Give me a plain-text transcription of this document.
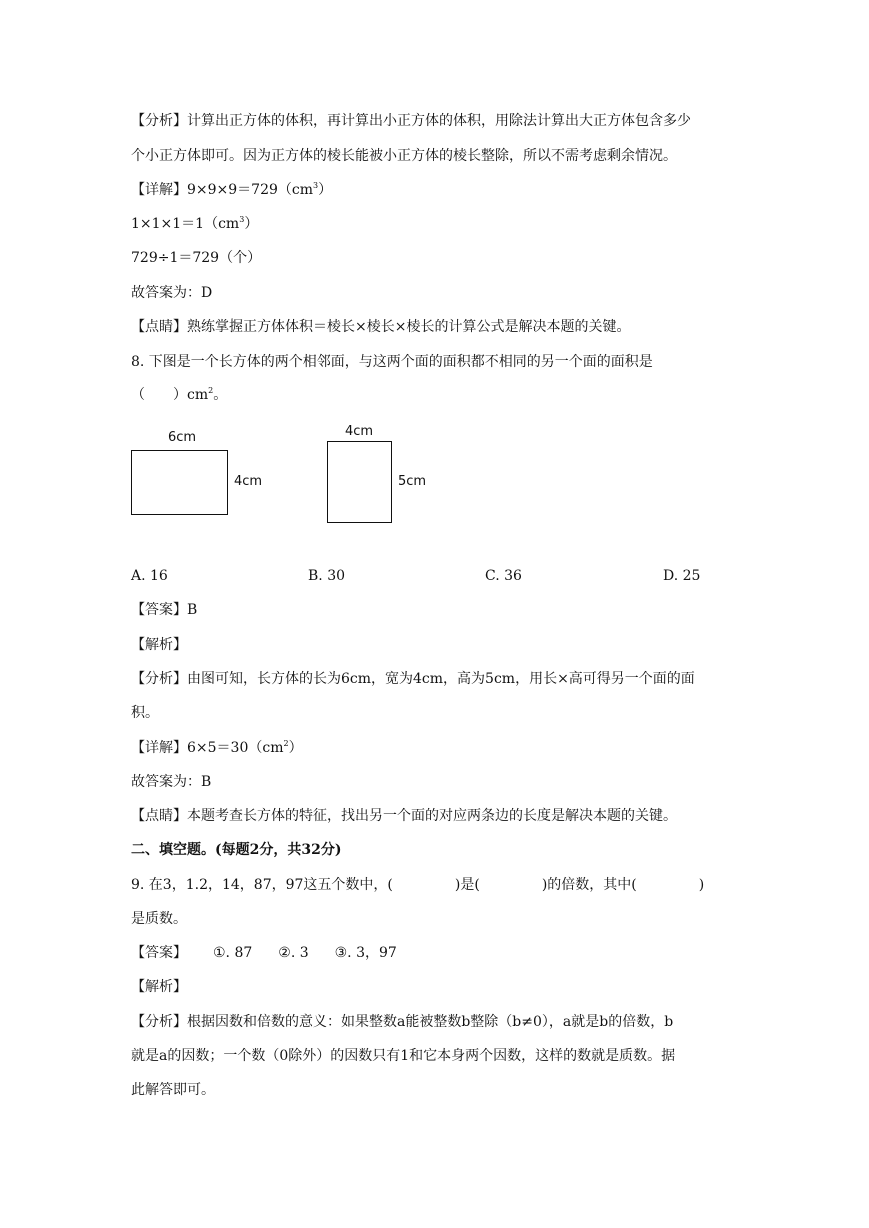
【分析】计算出正方体的体积，再计算出小正方体的体积，用除法计算出大正方体包含多少
个小正方体即可。因为正方体的棱长能被小正方体的棱长整除，所以不需考虑剩余情况。
【详解】$9\times 9\times 9=729(cm^3)$
$1\times 1\times 1=1(cm^3)$
729÷1＝729（个）
故答案为：D
【点睛】熟练掌握正方体体积＝棱长×棱长×棱长的计算公式是解决本题的关键。
8. 下图是一个长方体的两个相邻面，与这两个面的面积都不相同的另一个面的面积是
（　　）$cm^2$。
6cm
4cm
4cm
5cm
A. 16	B. 30	C. 36	D. 25
【答案】B
【解析】
【分析】由图可知，长方体的长为6cm，宽为4cm，高为5cm，用长×高可得另一个面的面
积。
【详解】$6\times 5=30(cm^2)$
故答案为：B
【点睛】本题考查长方体的特征，找出另一个面的对应两条边的长度是解决本题的关键。
二、填空题。(每题2分，共32分)
9. 在3，1.2，14，87，97这五个数中，(	)是(	)的倍数，其中(	)
是质数。
【答案】 ①. 87 ②. 3 ③. 3，97
【解析】
【分析】根据因数和倍数的意义：如果整数a能被整数b整除（b≠0），a就是b的倍数，b
就是a的因数；一个数（0除外）的因数只有1和它本身两个因数，这样的数就是质数。据
此解答即可。
